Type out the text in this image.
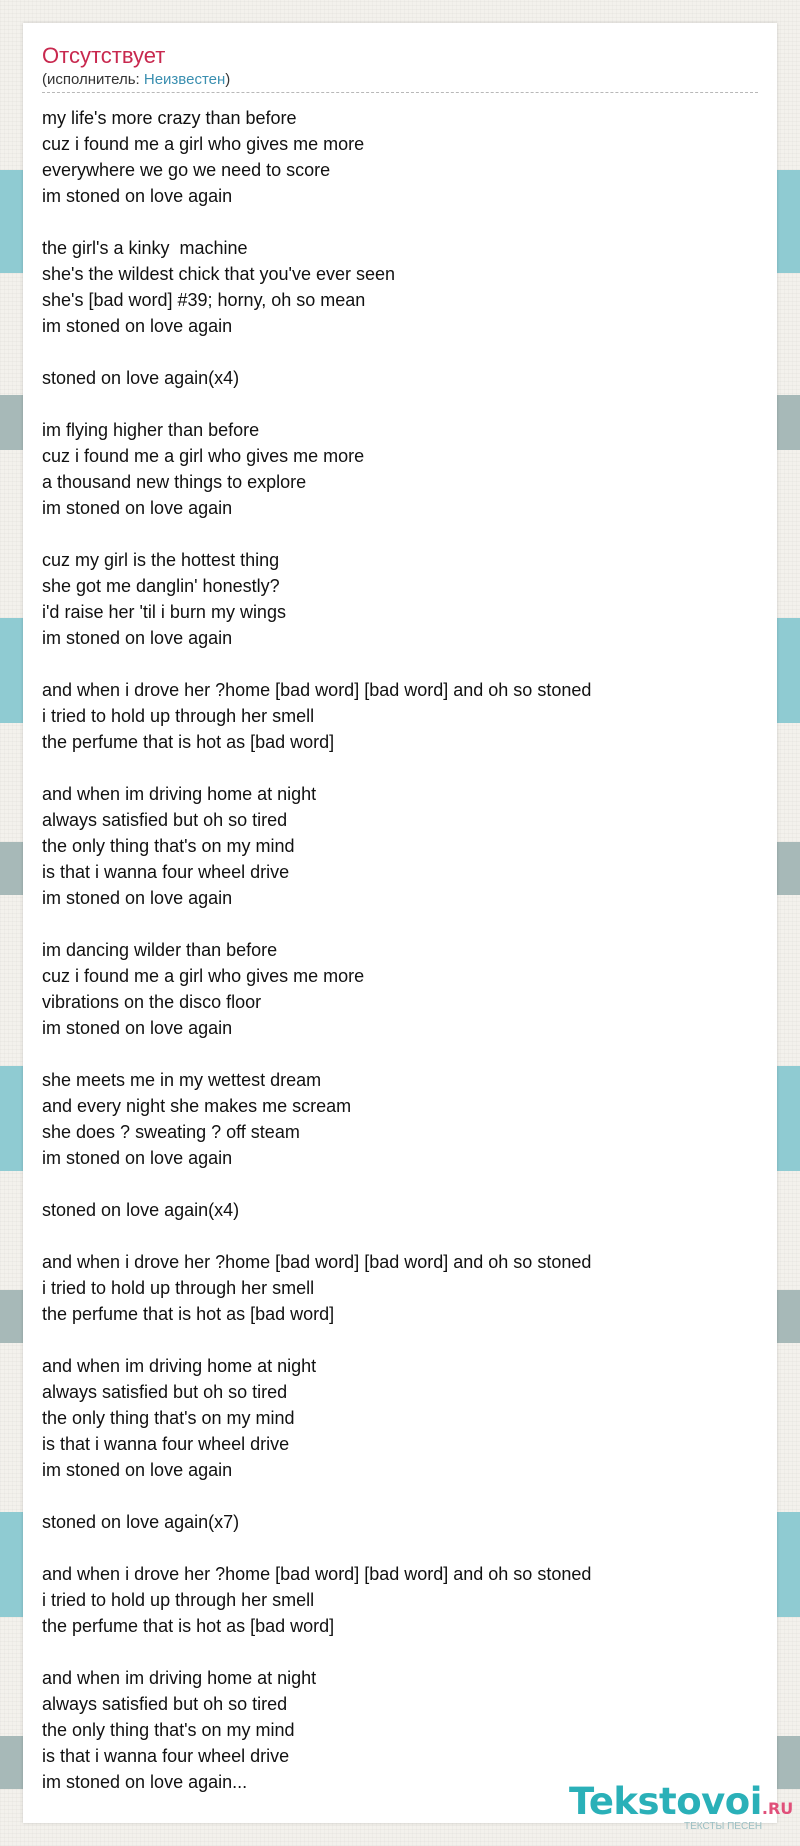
Отсутствует
(исполнитель: Неизвестен)
my life's more crazy than before
cuz i found me a girl who gives me more
everywhere we go we need to score
im stoned on love again
the girl's a kinky  machine
she's the wildest chick that you've ever seen
she's [bad word] #39; horny, oh so mean
im stoned on love again
stoned on love again(x4)
im flying higher than before
cuz i found me a girl who gives me more
a thousand new things to explore
im stoned on love again
cuz my girl is the hottest thing
she got me danglin' honestly?
i'd raise her 'til i burn my wings
im stoned on love again
and when i drove her ?home [bad word] [bad word] and oh so stoned
i tried to hold up through her smell
the perfume that is hot as [bad word]
and when im driving home at night
always satisfied but oh so tired
the only thing that's on my mind
is that i wanna four wheel drive
im stoned on love again
im dancing wilder than before
cuz i found me a girl who gives me more
vibrations on the disco floor
im stoned on love again
she meets me in my wettest dream
and every night she makes me scream
she does ? sweating ? off steam
im stoned on love again
stoned on love again(x4)
and when i drove her ?home [bad word] [bad word] and oh so stoned
i tried to hold up through her smell
the perfume that is hot as [bad word]
and when im driving home at night
always satisfied but oh so tired
the only thing that's on my mind
is that i wanna four wheel drive
im stoned on love again
stoned on love again(x7)
and when i drove her ?home [bad word] [bad word] and oh so stoned
i tried to hold up through her smell
the perfume that is hot as [bad word]
and when im driving home at night
always satisfied but oh so tired
the only thing that's on my mind
is that i wanna four wheel drive
im stoned on love again...	Tekstovoi.RU
ТЕКСТЫ ПЕСЕН
